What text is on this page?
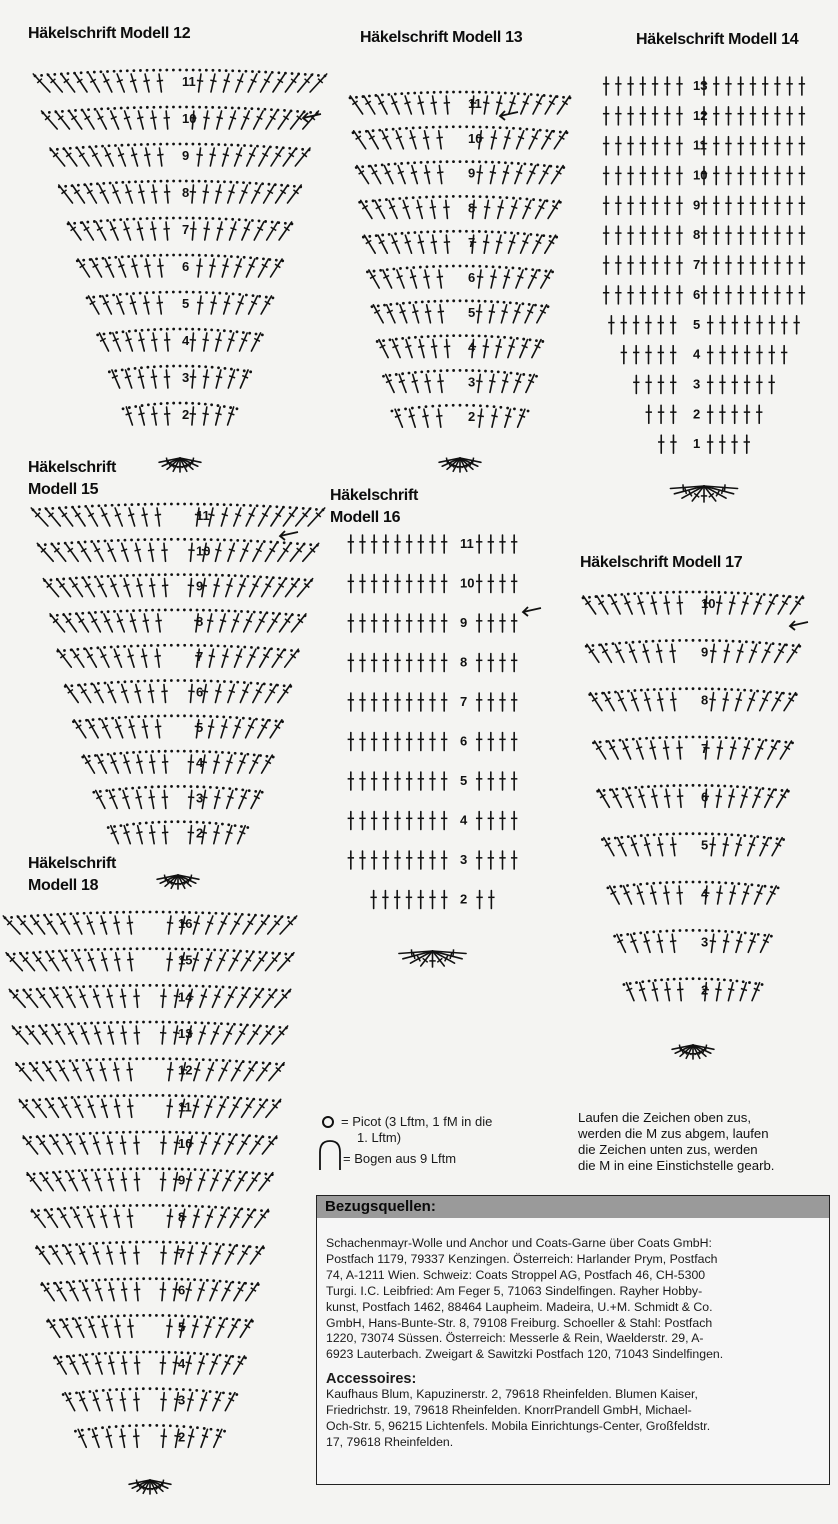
Häkelschrift Modell 12	Häkelschrift Modell 13	Häkelschrift Modell 14
Häkelschrift
Modell 15	Häkelschrift
Modell 16
Häkelschrift Modell 17
Häkelschrift
Modell 18
2
3
4
5
6
7
8
9
10
11
2
3
4
5
6
7
8
9
10
11
1
2
3
4
5
6
7
8
9
10
11
12
13
2
3
4
5
6
7
8
9
10
11
2
3
4
5
6
7
8
9
10
11
2
3
4
5
6
7
8
9
10
2
3
4
5
6
7
8
9
10
11
12
13
14
15
16
= Picot (3 Lftm, 1 fM in die
1. Lftm)
= Bogen aus 9 Lftm
Laufen die Zeichen oben zus,
werden die M zus abgem, laufen
die Zeichen unten zus, werden
die M in eine Einstichstelle gearb.
Bezugsquellen:
Schachenmayr-Wolle und Anchor und Coats-Garne über Coats GmbH:
Postfach 1179, 79337 Kenzingen. Österreich: Harlander Prym, Postfach
74, A-1211 Wien. Schweiz: Coats Stroppel AG, Postfach 46, CH-5300
Turgi. I.C. Leibfried: Am Feger 5, 71063 Sindelfingen. Rayher Hobby-
kunst, Postfach 1462, 88464 Laupheim. Madeira, U.+M. Schmidt & Co.
GmbH, Hans-Bunte-Str. 8, 79108 Freiburg. Schoeller & Stahl: Postfach
1220, 73074 Süssen. Österreich: Messerle & Rein, Waelderstr. 29, A-
6923 Lauterbach. Zweigart & Sawitzki Postfach 120, 71043 Sindelfingen.
Accessoires:
Kaufhaus Blum, Kapuzinerstr. 2, 79618 Rheinfelden. Blumen Kaiser,
Friedrichstr. 19, 79618 Rheinfelden. KnorrPrandell GmbH, Michael-
Och-Str. 5, 96215 Lichtenfels. Mobila Einrichtungs-Center, Großfeldstr.
17, 79618 Rheinfelden.
